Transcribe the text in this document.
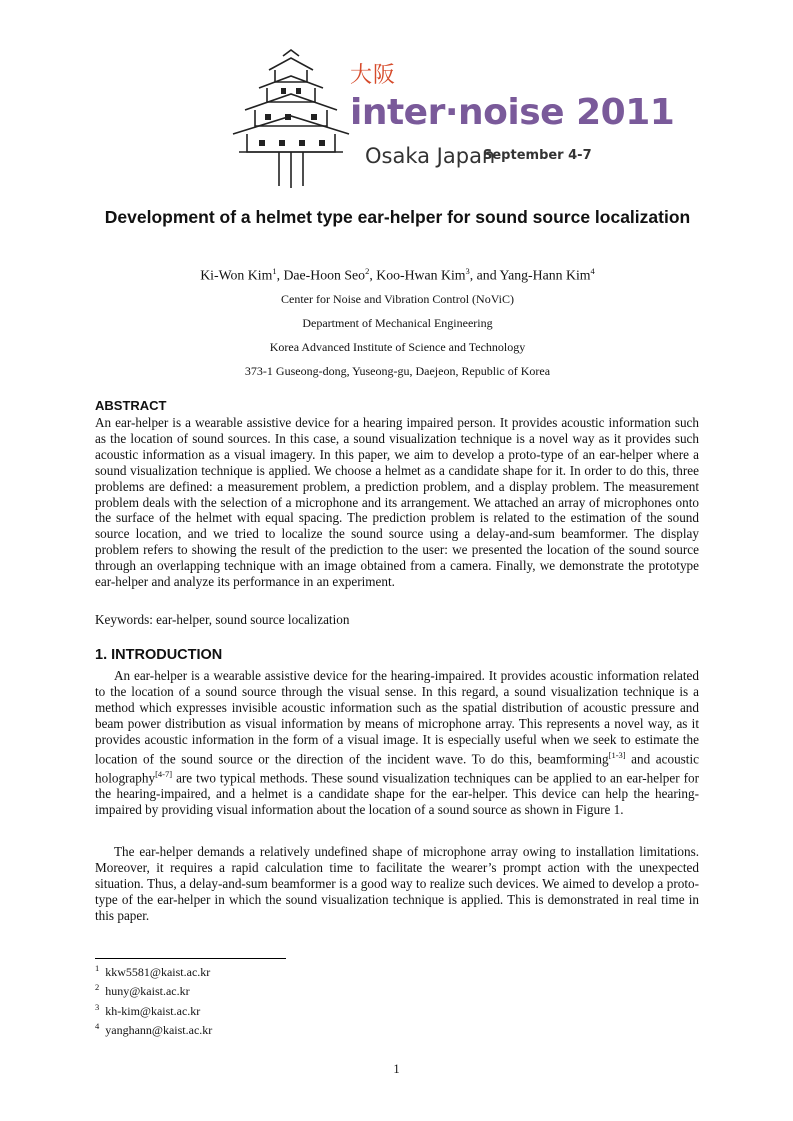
大阪
inter·noise 2011
Osaka Japan
September 4-7
Development of a helmet type ear-helper for sound source localization
Ki-Won Kim$^1$, Dae-Hoon Seo$^2$, Koo-Hwan Kim$^3$, and Yang-Hann Kim$^4$
Center for Noise and Vibration Control (NoViC)
Department of Mechanical Engineering
Korea Advanced Institute of Science and Technology
373-1 Guseong-dong, Yuseong-gu, Daejeon, Republic of Korea
ABSTRACT
An ear-helper is a wearable assistive device for a hearing impaired person. It provides acoustic information such as the location of sound sources. In this case, a sound visualization technique is a novel way as it provides such acoustic information as a visual imagery. In this paper, we aim to develop a proto-type of an ear-helper where a sound visualization technique is applied. We choose a helmet as a candidate shape for it. In order to do this, three problems are defined: a measurement problem, a prediction problem, and a display problem. The measurement problem deals with the selection of a microphone and its arrangement. We attached an array of microphones onto the surface of the helmet with equal spacing. The prediction problem is related to the estimation of the sound source location, and we tried to localize the sound source using a delay-and-sum beamformer. The display problem refers to showing the result of the prediction to the user: we presented the location of the sound source through an overlapping technique with an image obtained from a camera. Finally, we demonstrate the prototype ear-helper and analyze its performance in an experiment.
Keywords: ear-helper, sound source localization
1. INTRODUCTION
An ear-helper is a wearable assistive device for the hearing-impaired. It provides acoustic information related to the location of a sound source through the visual sense. In this regard, a sound visualization technique is a method which expresses invisible acoustic information such as the spatial distribution of acoustic pressure and beam power distribution as visual information by means of microphone array. This represents a novel way, as it provides acoustic information in the form of a visual image. It is especially useful when we seek to estimate the location of the sound source or the direction of the incident wave. To do this, beamforming[1-3] and acoustic holography[4-7] are two typical methods. These sound visualization techniques can be applied to an ear-helper for the hearing-impaired, and a helmet is a candidate shape for the ear-helper. This device can help the hearing-impaired by providing visual information about the location of a sound source as shown in Figure 1.
The ear-helper demands a relatively undefined shape of microphone array owing to installation limitations. Moreover, it requires a rapid calculation time to facilitate the wearer’s prompt action with the unexpected situation. Thus, a delay-and-sum beamformer is a good way to realize such devices. We aimed to develop a proto-type of the ear-helper in which the sound visualization technique is applied. This is demonstrated in real time in this paper.
$^1$ kkw5581@kaist.ac.kr
$^2$ huny@kaist.ac.kr
$^3$ kh-kim@kaist.ac.kr
$^4$ yanghann@kaist.ac.kr
1
